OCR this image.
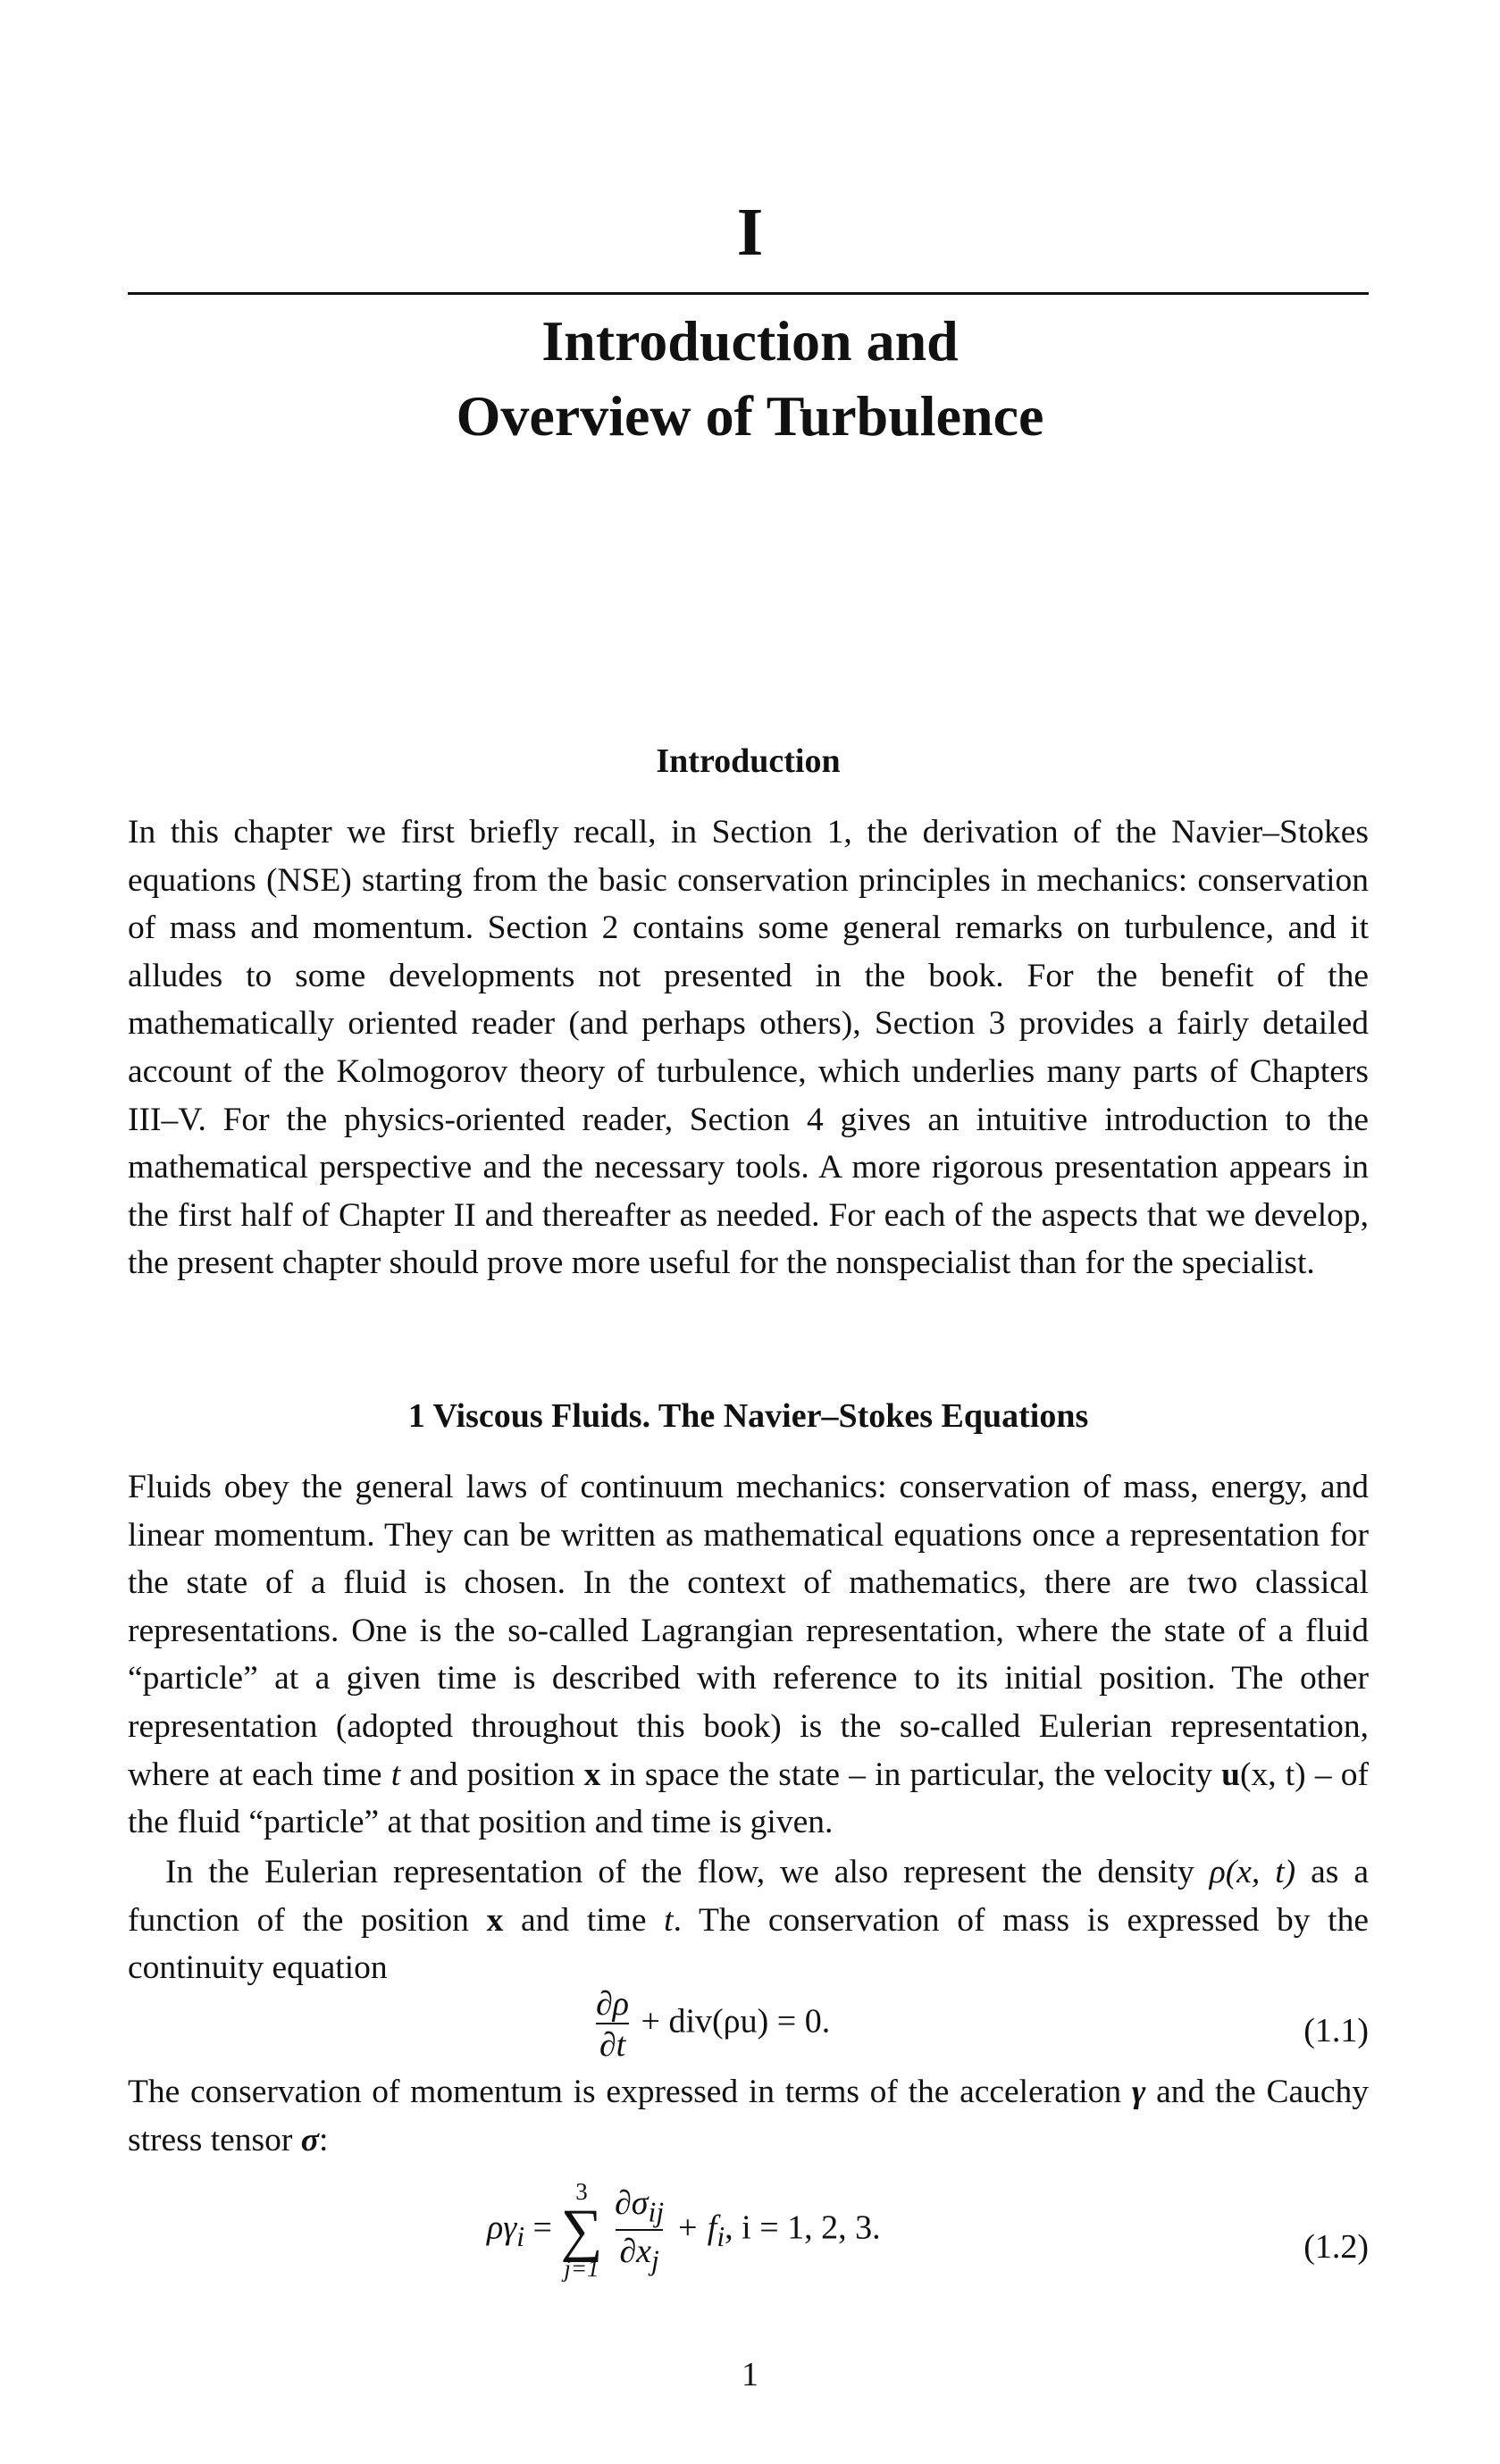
I
Introduction and
Overview of Turbulence
Introduction

In this chapter we first briefly recall, in Section 1, the derivation of the Navier–Stokes equations (NSE) starting from the basic conservation principles in mechanics: conservation of mass and momentum. Section 2 contains some general remarks on turbulence, and it alludes to some developments not presented in the book. For the benefit of the mathematically oriented reader (and perhaps others), Section 3 provides a fairly detailed account of the Kolmogorov theory of turbulence, which underlies many parts of Chapters III–V. For the physics-oriented reader, Section 4 gives an intuitive introduction to the mathematical perspective and the necessary tools. A more rigorous presentation appears in the first half of Chapter II and thereafter as needed. For each of the aspects that we develop, the present chapter should prove more useful for the nonspecialist than for the specialist.

1 Viscous Fluids. The Navier–Stokes Equations

Fluids obey the general laws of continuum mechanics: conservation of mass, energy, and linear momentum. They can be written as mathematical equations once a representation for the state of a fluid is chosen. In the context of mathematics, there are two classical representations. One is the so-called Lagrangian representation, where the state of a fluid “particle” at a given time is described with reference to its initial position. The other representation (adopted throughout this book) is the so-called Eulerian representation, where at each time t and position x in space the state – in particular, the velocity u(x, t) – of the fluid “particle” at that position and time is given.

In the Eulerian representation of the flow, we also represent the density ρ(x, t) as a function of the position x and time t. The conservation of mass is expressed by the continuity equation

$\frac{\partial\rho}{\partial t} + div(\rho u) = 0$.	(1.1)

The conservation of momentum is expressed in terms of the acceleration γ and the Cauchy stress tensor σ:

$\rho\gamma_i$ =
3
∑
j=1
$\frac{\partial\sigma_{ij}}{\partial x_j} + f_i$, i = 1, 2, 3.
(1.2)
1
